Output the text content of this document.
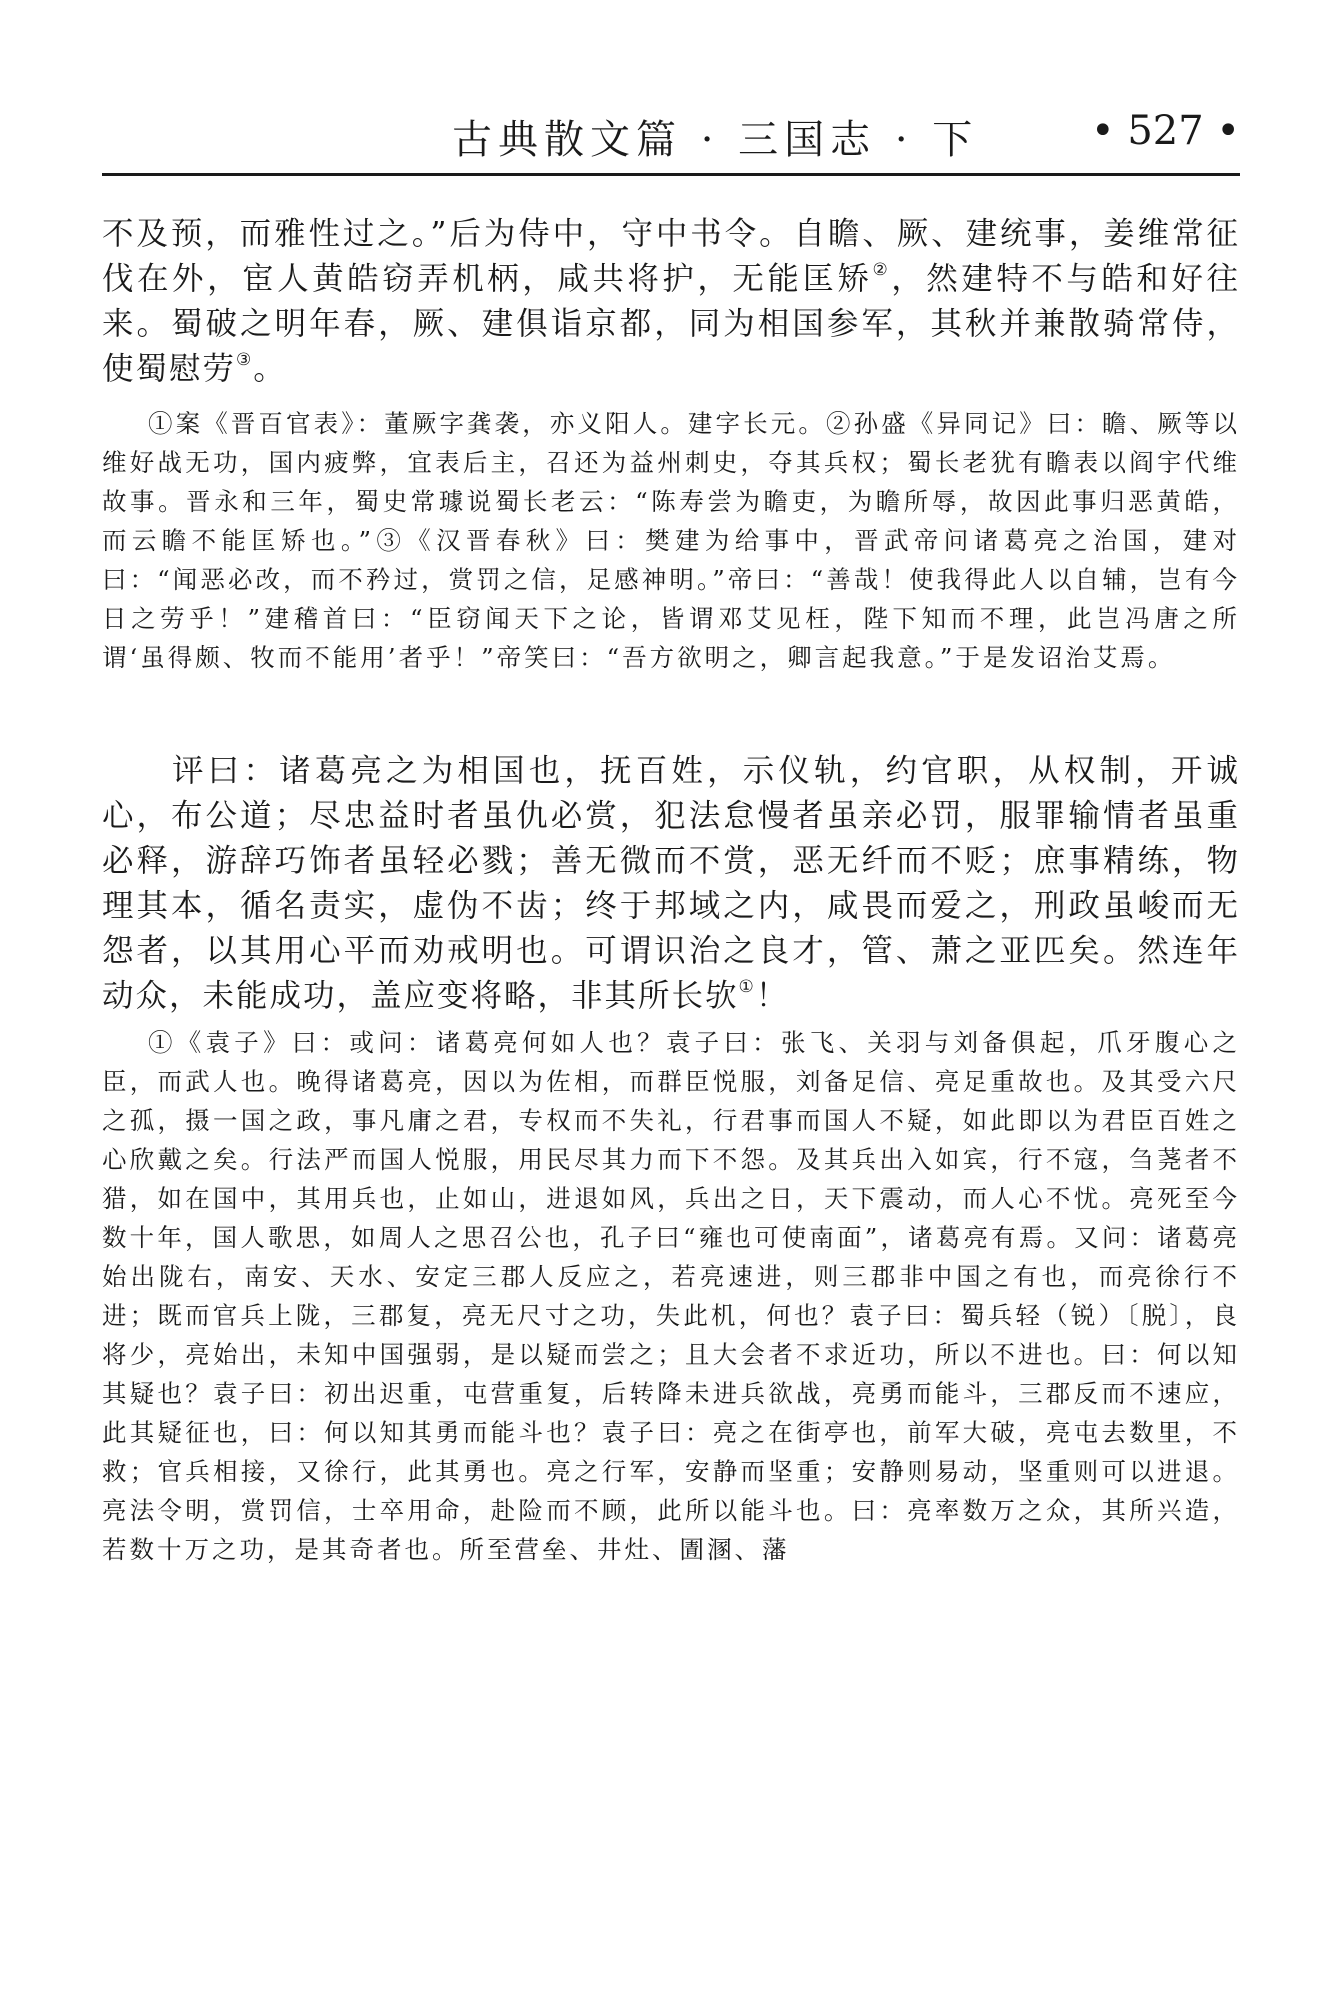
古典散文篇 · 三国志 · 下	• 527 •

不及预，而雅性过之。”后为侍中，守中书令。自瞻、厥、建统事，姜维常征伐在外，宦人黄皓窃弄机柄，咸共将护，无能匡矫②，然建特不与皓和好往来。蜀破之明年春，厥、建俱诣京都，同为相国参军，其秋并兼散骑常侍，使蜀慰劳③。

①案《晋百官表》：董厥字龚袭，亦义阳人。建字长元。②孙盛《异同记》曰：瞻、厥等以维好战无功，国内疲弊，宜表后主，召还为益州刺史，夺其兵权；蜀长老犹有瞻表以阎宇代维故事。晋永和三年，蜀史常璩说蜀长老云：“陈寿尝为瞻吏，为瞻所辱，故因此事归恶黄皓，而云瞻不能匡矫也。”③《汉晋春秋》曰：樊建为给事中，晋武帝问诸葛亮之治国，建对曰：“闻恶必改，而不矜过，赏罚之信，足感神明。”帝曰：“善哉！使我得此人以自辅，岂有今日之劳乎！”建稽首曰：“臣窃闻天下之论，皆谓邓艾见枉，陛下知而不理，此岂冯唐之所谓‘虽得颇、牧而不能用’者乎！”帝笑曰：“吾方欲明之，卿言起我意。”于是发诏治艾焉。

评曰：诸葛亮之为相国也，抚百姓，示仪轨，约官职，从权制，开诚心，布公道；尽忠益时者虽仇必赏，犯法怠慢者虽亲必罚，服罪输情者虽重必释，游辞巧饰者虽轻必戮；善无微而不赏，恶无纤而不贬；庶事精练，物理其本，循名责实，虚伪不齿；终于邦域之内，咸畏而爱之，刑政虽峻而无怨者，以其用心平而劝戒明也。可谓识治之良才，管、萧之亚匹矣。然连年动众，未能成功，盖应变将略，非其所长欤①！

①《袁子》曰：或问：诸葛亮何如人也？袁子曰：张飞、关羽与刘备俱起，爪牙腹心之臣，而武人也。晚得诸葛亮，因以为佐相，而群臣悦服，刘备足信、亮足重故也。及其受六尺之孤，摄一国之政，事凡庸之君，专权而不失礼，行君事而国人不疑，如此即以为君臣百姓之心欣戴之矣。行法严而国人悦服，用民尽其力而下不怨。及其兵出入如宾，行不寇，刍荛者不猎，如在国中，其用兵也，止如山，进退如风，兵出之日，天下震动，而人心不忧。亮死至今数十年，国人歌思，如周人之思召公也，孔子曰“雍也可使南面”，诸葛亮有焉。又问：诸葛亮始出陇右，南安、天水、安定三郡人反应之，若亮速进，则三郡非中国之有也，而亮徐行不进；既而官兵上陇，三郡复，亮无尺寸之功，失此机，何也？袁子曰：蜀兵轻（锐）〔脱〕，良将少，亮始出，未知中国强弱，是以疑而尝之；且大会者不求近功，所以不进也。曰：何以知其疑也？袁子曰：初出迟重，屯营重复，后转降未进兵欲战，亮勇而能斗，三郡反而不速应，此其疑征也，曰：何以知其勇而能斗也？袁子曰：亮之在街亭也，前军大破，亮屯去数里，不救；官兵相接，又徐行，此其勇也。亮之行军，安静而坚重；安静则易动，坚重则可以进退。亮法令明，赏罚信，士卒用命，赴险而不顾，此所以能斗也。曰：亮率数万之众，其所兴造，若数十万之功，是其奇者也。所至营垒、井灶、圊溷、藩
